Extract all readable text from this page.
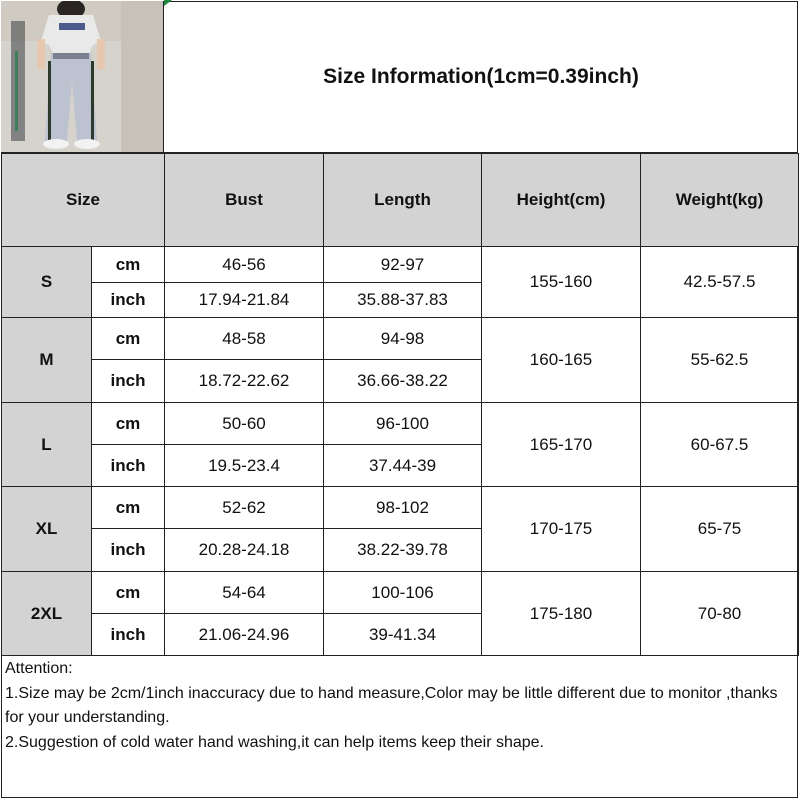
Size Information(1cm=0.39inch)
Size		Bust	Length	Height(cm)	Weight(kg)
S	cm	46-56	92-97	155-160	42.5-57.5
	inch	17.94-21.84	35.88-37.83		
M	cm	48-58	94-98	160-165	55-62.5
	inch	18.72-22.62	36.66-38.22		
L	cm	50-60	96-100	165-170	60-67.5
	inch	19.5-23.4	37.44-39		
XL	cm	52-62	98-102	170-175	65-75
	inch	20.28-24.18	38.22-39.78		
2XL	cm	54-64	100-106	175-180	70-80
	inch	21.06-24.96	39-41.34		

Attention:

1.Size may be 2cm/1inch inaccuracy due to hand measure,Color may be little different due to monitor ,thanks for your understanding.

2.Suggestion of cold water hand washing,it can help items keep their shape.
